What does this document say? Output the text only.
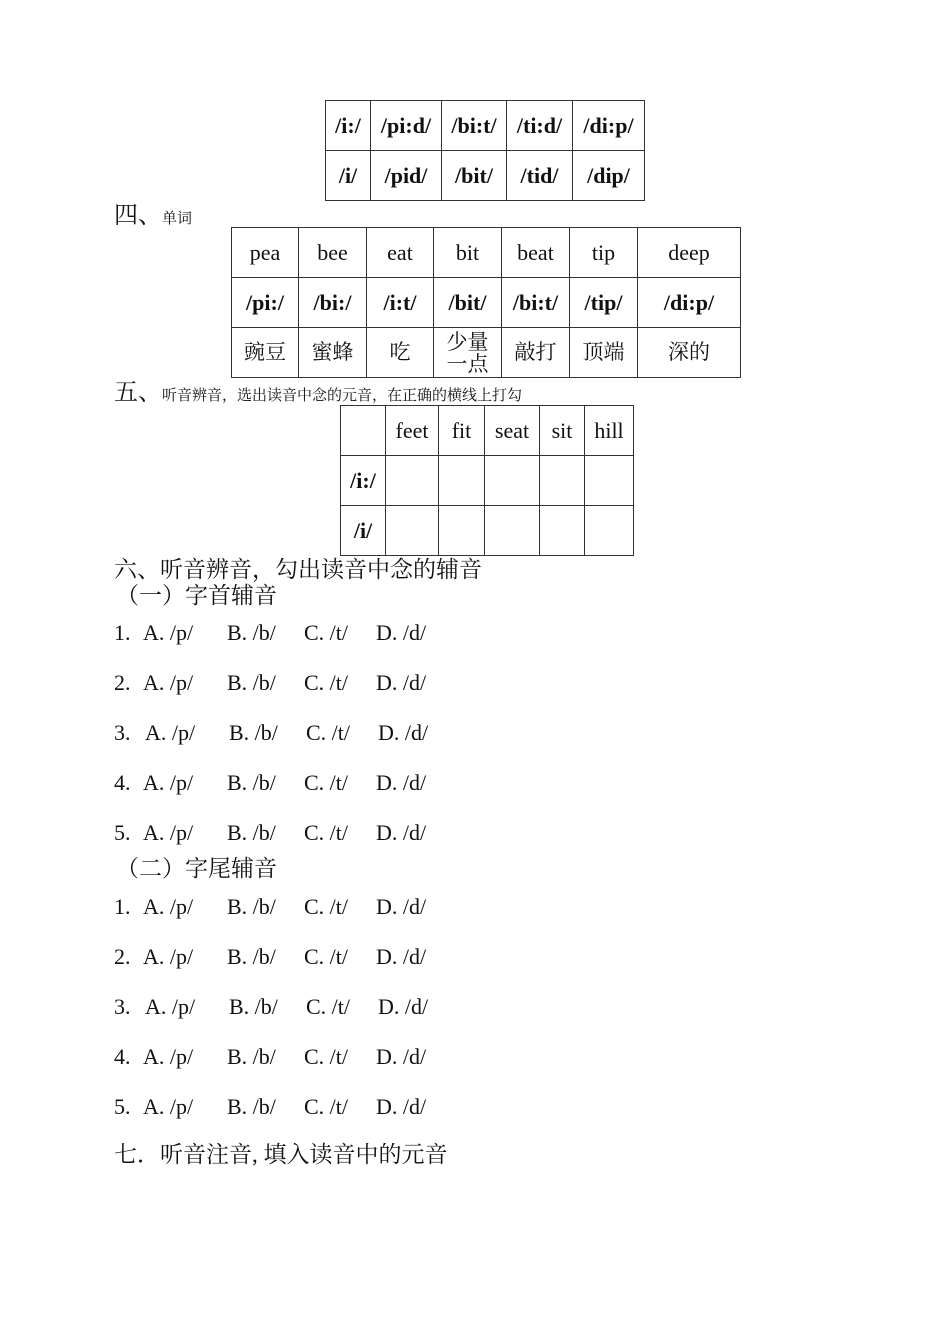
/i:/	/pi:d/	/bi:t/	/ti:d/	/di:p/
/i/	/pid/	/bit/	/tid/	/dip/
四、单词
pea	bee	eat	bit	beat	tip	deep
/pi:/	/bi:/	/i:t/	/bit/	/bi:t/	/tip/	/di:p/
豌豆	蜜蜂	吃	少量一点	敲打	顶端	深的
五、听音辨音，选出读音中念的元音，在正确的横线上打勾
	feet	fit	seat	sit	hill
/i:/					
/i/					
六、听音辨音，勾出读音中念的辅音
（一）字首辅音
1. A. /p/ B. /b/ C. /t/ D. /d/
2. A. /p/ B. /b/ C. /t/ D. /d/
3. A. /p/ B. /b/ C. /t/ D. /d/
4. A. /p/ B. /b/ C. /t/ D. /d/
5. A. /p/ B. /b/ C. /t/ D. /d/
（二）字尾辅音
1. A. /p/ B. /b/ C. /t/ D. /d/
2. A. /p/ B. /b/ C. /t/ D. /d/
3. A. /p/ B. /b/ C. /t/ D. /d/
4. A. /p/ B. /b/ C. /t/ D. /d/
5. A. /p/ B. /b/ C. /t/ D. /d/
七．听音注音, 填入读音中的元音
